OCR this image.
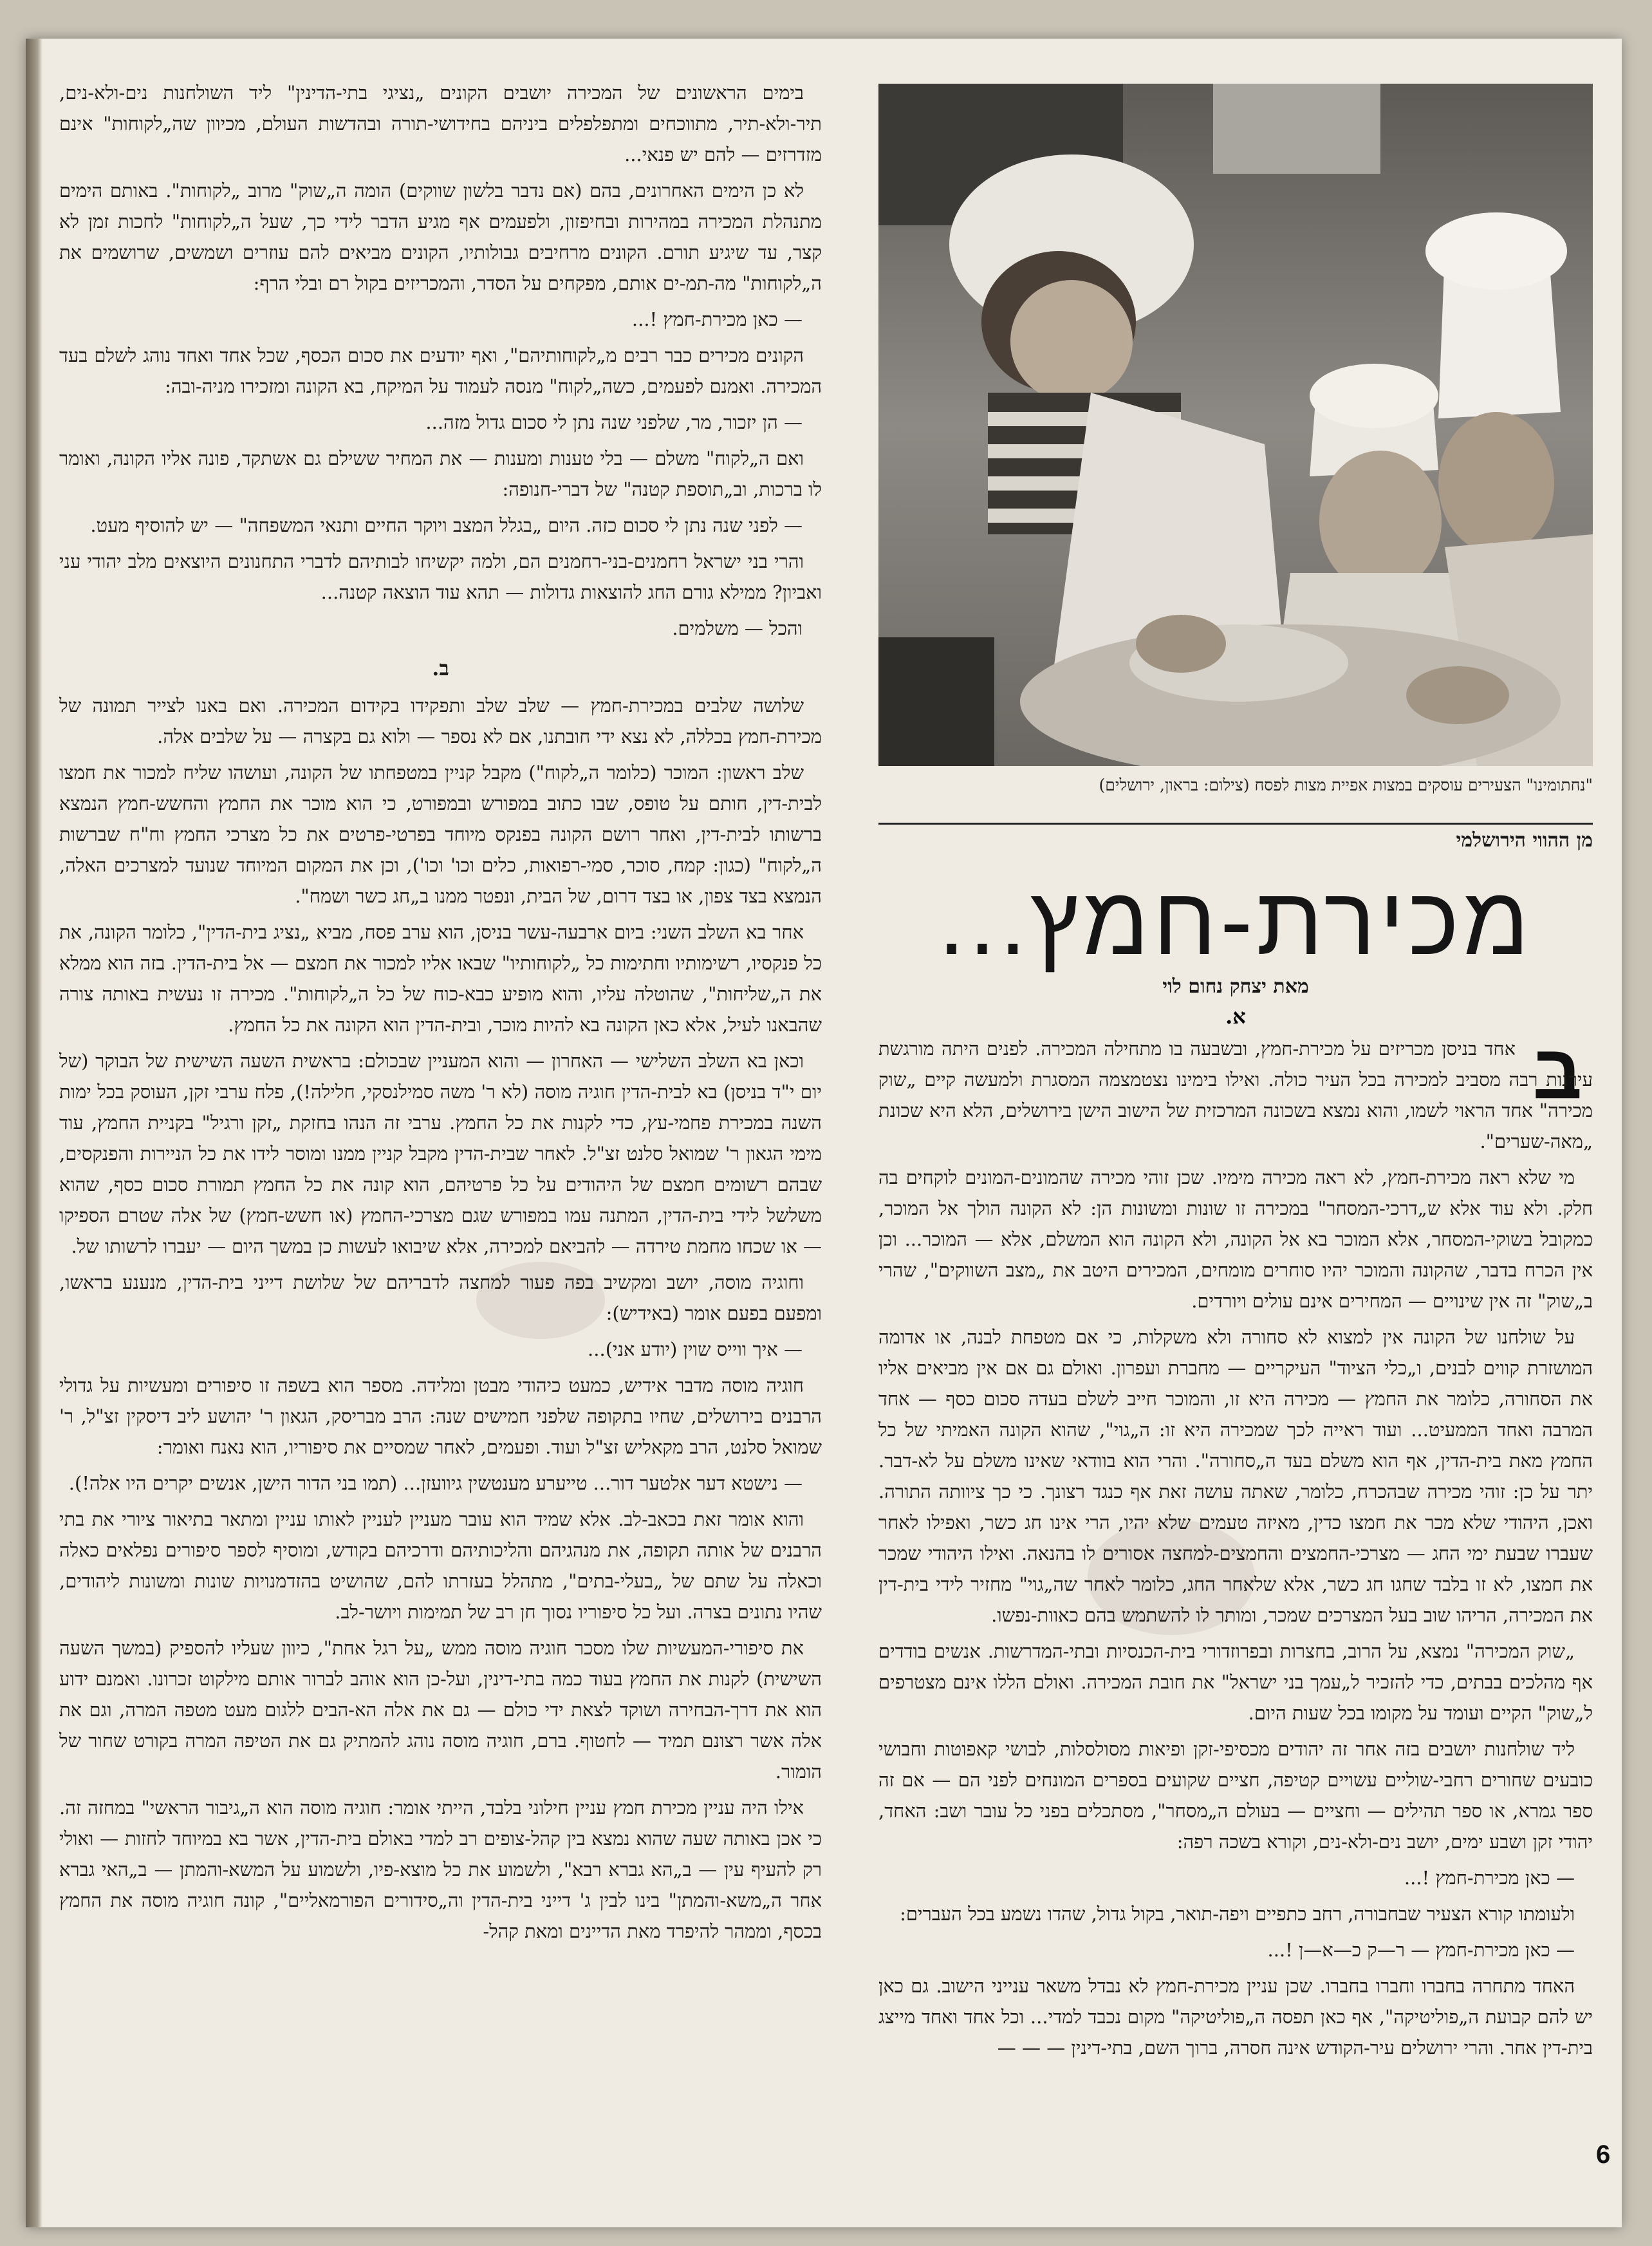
בימים הראשונים של המכירה יושבים הקונים „נציגי בתי-הדינין" ליד השולחנות נים-ולא-נים, תיר-ולא-תיר, מתווכחים ומתפלפלים ביניהם בחידושי-תורה ובהדשות העולם, מכיוון שה„לקוחות" אינם מזדרזים — להם יש פנאי...

לא כן הימים האחרונים, בהם (אם נדבר בלשון שווקים) הומה ה„שוק" מרוב „לקוחות". באותם הימים מתנהלת המכירה במהירות ובחיפזון, ולפעמים אף מגיע הדבר לידי כך, שעל ה„לקוחות" לחכות זמן לא קצר, עד שיגיע תורם. הקונים מרחיבים גבולותיו, הקונים מביאים להם עוזרים ושמשים, שרושמים את ה„לקוחות" מה-תמ-ים אותם, מפקחים על הסדר, והמכריזים בקול רם ובלי הרף:

— כאן מכירת-חמץ !...

הקונים מכירים כבר רבים מ„לקוחותיהם", ואף יודעים את סכום הכסף, שכל אחד ואחד נוהג לשלם בעד המכירה. ואמנם לפעמים, כשה„לקוח" מנסה לעמוד על המיקח, בא הקונה ומזכירו מניה-ובה:

— הן יזכור, מר, שלפני שנה נתן לי סכום גדול מזה...

ואם ה„לקוח" משלם — בלי טענות ומענות — את המחיר ששילם גם אשתקד, פונה אליו הקונה, ואומר לו ברכות, וב„תוספת קטנה" של דברי-חנופה:

— לפני שנה נתן לי סכום כזה. היום „בגלל המצב ויוקר החיים ותנאי המשפחה" — יש להוסיף מעט.

והרי בני ישראל רחמנים-בני-רחמנים הם, ולמה יקשיחו לבותיהם לדברי התחנונים היוצאים מלב יהודי עני ואביון? ממילא גורם החג להוצאות גדולות — תהא עוד הוצאה קטנה...

והכל — משלמים.

ב.

שלושה שלבים במכירת-חמץ — שלב שלב ותפקידו בקידום המכירה. ואם באנו לצייר תמונה של מכירת-חמץ בכללה, לא נצא ידי חובתנו, אם לא נספר — ולוא גם בקצרה — על שלבים אלה.

שלב ראשון: המוכר (כלומר ה„לקוח") מקבל קניין במטפחתו של הקונה, ועושהו שליח למכור את חמצו לבית-דין, חותם על טופס, שבו כתוב במפורש ובמפורט, כי הוא מוכר את החמץ והחשש-חמץ הנמצא ברשותו לבית-דין, ואחר רושם הקונה בפנקס מיוחד בפרטי-פרטים את כל מצרכי החמץ וח"ח שברשות ה„לקוח" (כגון: קמח, סוכר, סמי-רפואות, כלים וכו' וכו'), וכן את המקום המיוחד שנועד למצרכים האלה, הנמצא בצד צפון, או בצד דרום, של הבית, ונפטר ממנו ב„חג כשר ושמח".

אחר בא השלב השני: ביום ארבעה-עשר בניסן, הוא ערב פסח, מביא „נציג בית-הדין", כלומר הקונה, את כל פנקסיו, רשימותיו וחתימות כל „לקוחותיו" שבאו אליו למכור את חמצם — אל בית-הדין. בזה הוא ממלא את ה„שליחות", שהוטלה עליו, והוא מופיע כבא-כוח של כל ה„לקוחות". מכירה זו נעשית באותה צורה שהבאנו לעיל, אלא כאן הקונה בא להיות מוכר, ובית-הדין הוא הקונה את כל החמץ.

וכאן בא השלב השלישי — האחרון — והוא המעניין שבכולם: בראשית השעה השישית של הבוקר (של יום י"ד בניסן) בא לבית-הדין חוגיה מוסה (לא ר' משה סמילנסקי, חלילה!), פלח ערבי זקן, העוסק בכל ימות השנה במכירת פחמי-עץ, כדי לקנות את כל החמץ. ערבי זה הנהו בחזקת „זקן ורגיל" בקניית החמץ, עוד מימי הגאון ר' שמואל סלנט זצ"ל. לאחר שבית-הדין מקבל קניין ממנו ומוסר לידו את כל הניירות והפנקסים, שבהם רשומים חמצם של היהודים על כל פרטיהם, הוא קונה את כל החמץ תמורת סכום כסף, שהוא משלשל לידי בית-הדין, המתנה עמו במפורש שגם מצרכי-החמץ (או חשש-חמץ) של אלה שטרם הספיקו — או שכחו מחמת טירדה — להביאם למכירה, אלא שיבואו לעשות כן במשך היום — יעברו לרשותו של.

וחוגיה מוסה, יושב ומקשיב בפה פעור למחצה לדבריהם של שלושת דייני בית-הדין, מנענע בראשו, ומפעם בפעם אומר (באידיש):

— איך ווייס שוין (יודע אני)...

חוגיה מוסה מדבר אידיש, כמעט כיהודי מבטן ומלידה. מספר הוא בשפה זו סיפורים ומעשיות על גדולי הרבנים בירושלים, שחיו בתקופה שלפני חמישים שנה: הרב מבריסק, הגאון ר' יהושע ליב דיסקין זצ"ל, ר' שמואל סלנט, הרב מקאליש זצ"ל ועוד. ופעמים, לאחר שמסיים את סיפוריו, הוא נאנח ואומר:

— נישטא דער אלטער דור... טייערע מענטשין גיוועזן... (תמו בני הדור הישן, אנשים יקרים היו אלה!).

והוא אומר זאת בכאב-לב. אלא שמיד הוא עובר מעניין לעניין לאותו עניין ומתאר בתיאור ציורי את בתי הרבנים של אותה תקופה, את מנהגיהם והליכותיהם ודרכיהם בקודש, ומוסיף לספר סיפורים נפלאים כאלה וכאלה על שתם של „בעלי-בתים", מתהלל בעזרתו להם, שהושיט בהזדמנויות שונות ומשונות ליהודים, שהיו נתונים בצרה. ועל כל סיפוריו נסוך חן רב של תמימות ויושר-לב.

את סיפורי-המעשיות שלו מסכר חוגיה מוסה ממש „על רגל אחת", כיוון שעליו להספיק (במשך השעה השישית) לקנות את החמץ בעוד כמה בתי-דינין, ועל-כן הוא אוהב לברור אותם מילקוט זכרונו. ואמנם ידוע הוא את דרך-הבחירה ושוקד לצאת ידי כולם — גם את אלה הא-הבים ללגום מעט מטפה המרה, וגם את אלה אשר רצונם תמיד — לחטוף. ברם, חוגיה מוסה נוהג להמתיק גם את הטיפה המרה בקורט שחור של הומור.

אילו היה עניין מכירת חמץ עניין חילוני בלבד, הייתי אומר: חוגיה מוסה הוא ה„גיבור הראשי" במחזה זה. כי אכן באותה שעה שהוא נמצא בין קהל-צופים רב למדי באולם בית-הדין, אשר בא במיוחד לחזות — ואולי רק להעיף עין — ב„הא גברא רבא", ולשמוע את כל מוצא-פיו, ולשמוע על המשא-והמתן — ב„האי גברא אחר ה„משא-והמתן" בינו לבין ג' דייני בית-הדין וה„סידורים הפורמאליים", קונה חוגיה מוסה את החמץ בכסף, וממהר להיפרד מאת הדיינים ומאת קהל-

"נחתומינו" הצעירים עוסקים במצות אפיית מצות לפסח (צילום: בראון, ירושלים)
מן ההווי הירושלמי
מכירת-חמץ...
מאת יצחק נחום לוי
א.
ב

אחד בניסן מכריזים על מכירת-חמץ, ובשבעה בו מתחילה המכירה. לפנים היתה מורגשת עירנות רבה מסביב למכירה בכל העיר כולה. ואילו בימינו נצטמצמה המסגרת ולמעשה קיים „שוק מכירה" אחד הראוי לשמו, והוא נמצא בשכונה המרכזית של הישוב הישן בירושלים, הלא היא שכונת „מאה-שערים".

מי שלא ראה מכירת-חמץ, לא ראה מכירה מימיו. שכן זוהי מכירה שהמונים-המונים לוקחים בה חלק. ולא עוד אלא ש„דרכי-המסחר" במכירה זו שונות ומשונות הן: לא הקונה הולך אל המוכר, כמקובל בשוקי-המסחר, אלא המוכר בא אל הקונה, ולא הקונה הוא המשלם, אלא — המוכר... וכן אין הכרח בדבר, שהקונה והמוכר יהיו סוחרים מומחים, המכירים היטב את „מצב השווקים", שהרי ב„שוק" זה אין שינויים — המחירים אינם עולים ויורדים.

על שולחנו של הקונה אין למצוא לא סחורה ולא משקלות, כי אם מטפחת לבנה, או אדומה המושזרת קווים לבנים, ו„כלי הציוד" העיקריים — מחברת ועפרון. ואולם גם אם אין מביאים אליו את הסחורה, כלומר את החמץ — מכירה היא זו, והמוכר חייב לשלם בעדה סכום כסף — אחד המרבה ואחד הממעיט... ועוד ראייה לכך שמכירה היא זו: ה„גוי", שהוא הקונה האמיתי של כל החמץ מאת בית-הדין, אף הוא משלם בעד ה„סחורה". והרי הוא בוודאי שאינו משלם על לא-דבר. יתר על כן: זוהי מכירה שבהכרח, כלומר, שאתה עושה זאת אף כנגד רצונך. כי כך ציוותה התורה. ואכן, היהודי שלא מכר את חמצו כדין, מאיזה טעמים שלא יהיו, הרי אינו חג כשר, ואפילו לאחר שעברו שבעת ימי החג — מצרכי-החמצים והחמצים-למחצה אסורים לו בהנאה. ואילו היהודי שמכר את חמצו, לא זו בלבד שחגו חג כשר, אלא שלאחר החג, כלומר לאחר שה„גוי" מחזיר לידי בית-דין את המכירה, הריהו שוב בעל המצרכים שמכר, ומותר לו להשתמש בהם כאוות-נפשו.

„שוק המכירה" נמצא, על הרוב, בחצרות ובפרוזדורי בית-הכנסיות ובתי-המדרשות. אנשים בודדים אף מהלכים בבתים, כדי להזכיר ל„עמך בני ישראל" את חובת המכירה. ואולם הללו אינם מצטרפים ל„שוק" הקיים ועומד על מקומו בכל שעות היום.

ליד שולחנות יושבים בזה אחר זה יהודים מכסיפי-זקן ופיאות מסולסלות, לבושי קאפוטות וחבושי כובעים שחורים רחבי-שוליים עשויים קטיפה, חציים שקועים בספרים המונחים לפני הם — אם זה ספר גמרא, או ספר תהילים — וחציים — בעולם ה„מסחר", מסתכלים בפני כל עובר ושב: האחד, יהודי זקן ושבע ימים, יושב נים-ולא-נים, וקורא בשכה רפה:

— כאן מכירת-חמץ !...

ולעומתו קורא הצעיר שבחבורה, רחב כתפיים ויפה-תואר, בקול גדול, שהדו נשמע בכל העברים:

— כאן מכירת-חמץ — ר—ק כ—א—ן !...

האחד מתחרה בחברו וחברו בחברו. שכן עניין מכירת-חמץ לא נבדל משאר ענייני הישוב. גם כאן יש להם קבועת ה„פוליטיקה", אף כאן תפסה ה„פוליטיקה" מקום נכבד למדי... וכל אחד ואחד מייצג בית-דין אחר. והרי ירושלים עיר-הקודש אינה חסרה, ברוך השם, בתי-דינין — — —

6
